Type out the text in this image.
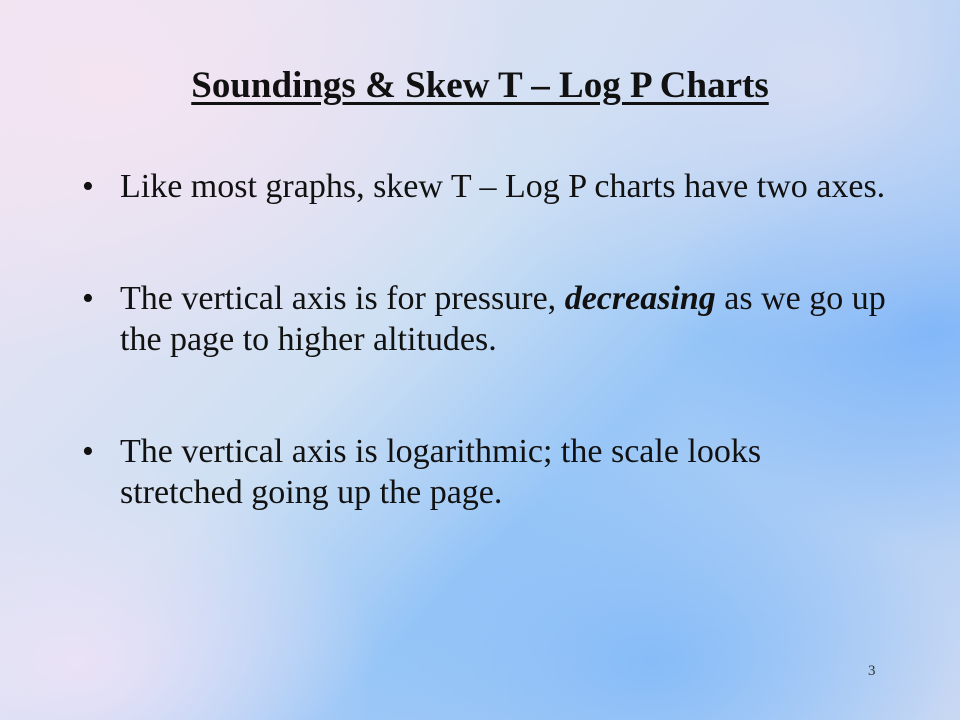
Soundings & Skew T – Log P Charts
• Like most graphs, skew T – Log P charts have two axes.
• The vertical axis is for pressure, decreasing as we go up the page to higher altitudes.
• The vertical axis is logarithmic; the scale looks stretched going up the page.
3
